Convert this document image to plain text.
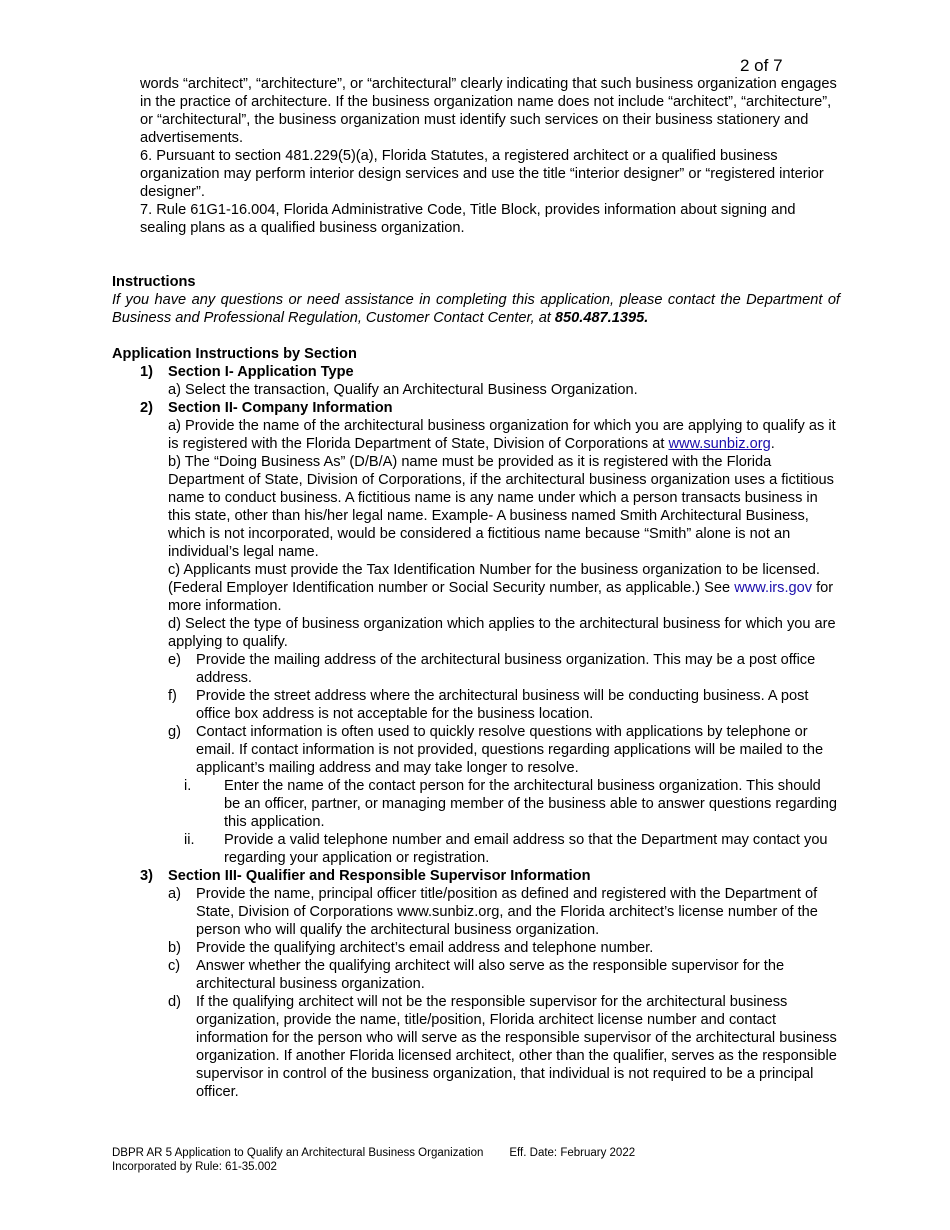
2 of 7

words “architect”, “architecture”, or “architectural” clearly indicating that such business organization engages in the practice of architecture. If the business organization name does not include “architect”, “architecture”, or “architectural”, the business organization must identify such services on their business stationery and advertisements.

6. Pursuant to section 481.229(5)(a), Florida Statutes, a registered architect or a qualified business organization may perform interior design services and use the title “interior designer” or “registered interior designer”.

7. Rule 61G1-16.004, Florida Administrative Code, Title Block, provides information about signing and sealing plans as a qualified business organization.

Instructions

If you have any questions or need assistance in completing this application, please contact the Department of Business and Professional Regulation, Customer Contact Center, at 850.487.1395.

Application Instructions by Section

1)	Section I- Application Type

a) Select the transaction, Qualify an Architectural Business Organization.

2)	Section II- Company Information

a) Provide the name of the architectural business organization for which you are applying to qualify as it is registered with the Florida Department of State, Division of Corporations at www.sunbiz.org.

b) The “Doing Business As” (D/B/A) name must be provided as it is registered with the Florida Department of State, Division of Corporations, if the architectural business organization uses a fictitious name to conduct business. A fictitious name is any name under which a person transacts business in this state, other than his/her legal name. Example- A business named Smith Architectural Business, which is not incorporated, would be considered a fictitious name because “Smith” alone is not an individual’s legal name.

c) Applicants must provide the Tax Identification Number for the business organization to be licensed. (Federal Employer Identification number or Social Security number, as applicable.) See www.irs.gov for more information.

d) Select the type of business organization which applies to the architectural business for which you are applying to qualify.

e)	Provide the mailing address of the architectural business organization. This may be a post office address.
f)	Provide the street address where the architectural business will be conducting business. A post office box address is not acceptable for the business location.
g)	Contact information is often used to quickly resolve questions with applications by telephone or email. If contact information is not provided, questions regarding applications will be mailed to the applicant’s mailing address and may take longer to resolve.
i.	Enter the name of the contact person for the architectural business organization. This should be an officer, partner, or managing member of the business able to answer questions regarding this application.
ii.	Provide a valid telephone number and email address so that the Department may contact you regarding your application or registration.
3)	Section III- Qualifier and Responsible Supervisor Information
a)	Provide the name, principal officer title/position as defined and registered with the Department of State, Division of Corporations www.sunbiz.org, and the Florida architect’s license number of the person who will qualify the architectural business organization.
b)	Provide the qualifying architect’s email address and telephone number.
c)	Answer whether the qualifying architect will also serve as the responsible supervisor for the architectural business organization.
d)	If the qualifying architect will not be the responsible supervisor for the architectural business organization, provide the name, title/position, Florida architect license number and contact information for the person who will serve as the responsible supervisor of the architectural business organization. If another Florida licensed architect, other than the qualifier, serves as the responsible supervisor in control of the business organization, that individual is not required to be a principal officer.
DBPR AR 5 Application to Qualify an Architectural Business Organization Eff. Date: February 2022
Incorporated by Rule: 61-35.002
